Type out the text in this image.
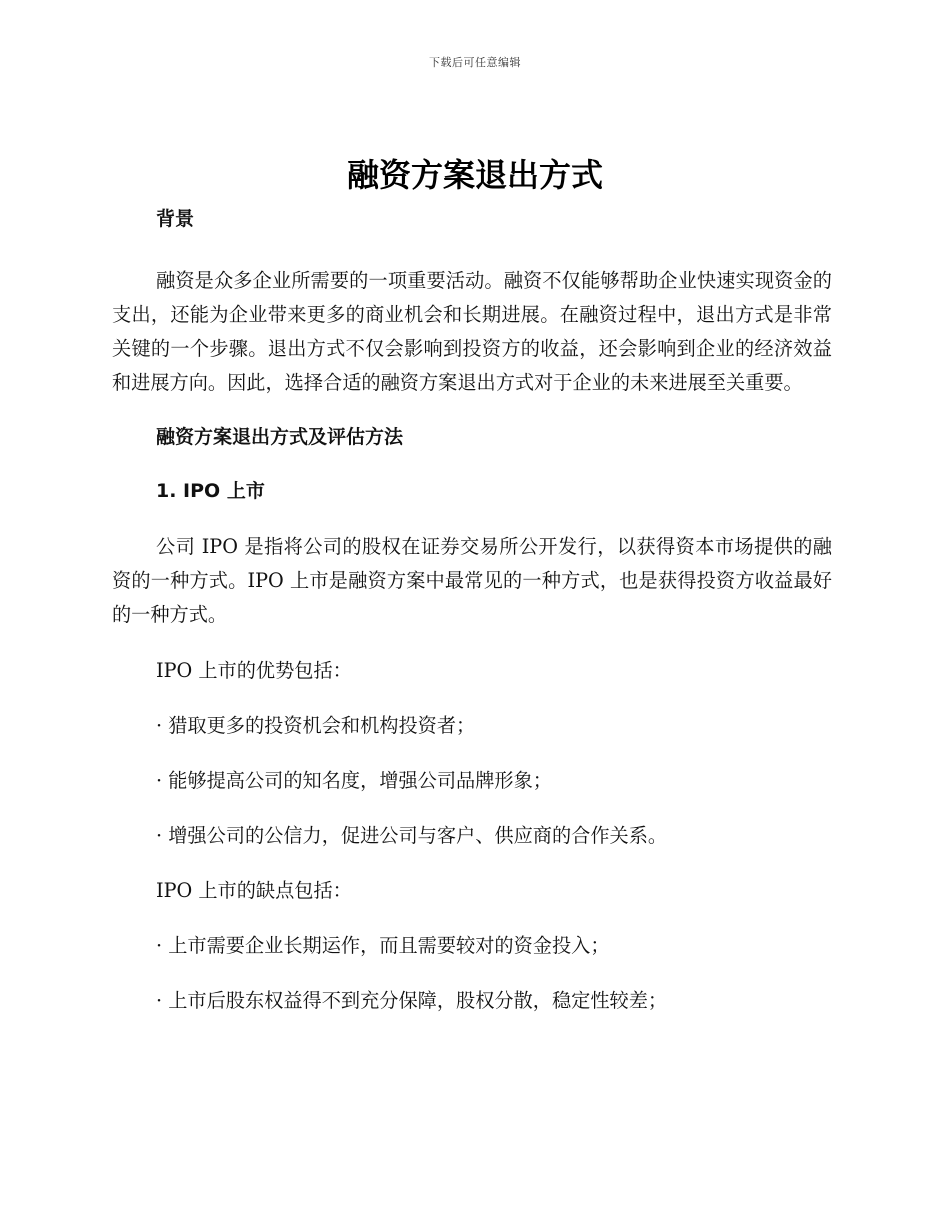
下载后可任意编辑
融资方案退出方式
背景

融资是众多企业所需要的一项重要活动。融资不仅能够帮助企业快速实现资金的支出，还能为企业带来更多的商业机会和长期进展。在融资过程中，退出方式是非常关键的一个步骤。退出方式不仅会影响到投资方的收益，还会影响到企业的经济效益和进展方向。因此，选择合适的融资方案退出方式对于企业的未来进展至关重要。

融资方案退出方式及评估方法
1. IPO 上市

公司 IPO 是指将公司的股权在证券交易所公开发行，以获得资本市场提供的融资的一种方式。IPO 上市是融资方案中最常见的一种方式，也是获得投资方收益最好的一种方式。

IPO 上市的优势包括：
· 猎取更多的投资机会和机构投资者；
· 能够提高公司的知名度，增强公司品牌形象；
· 增强公司的公信力，促进公司与客户、供应商的合作关系。
IPO 上市的缺点包括：
· 上市需要企业长期运作，而且需要较对的资金投入；
· 上市后股东权益得不到充分保障，股权分散，稳定性较差；
